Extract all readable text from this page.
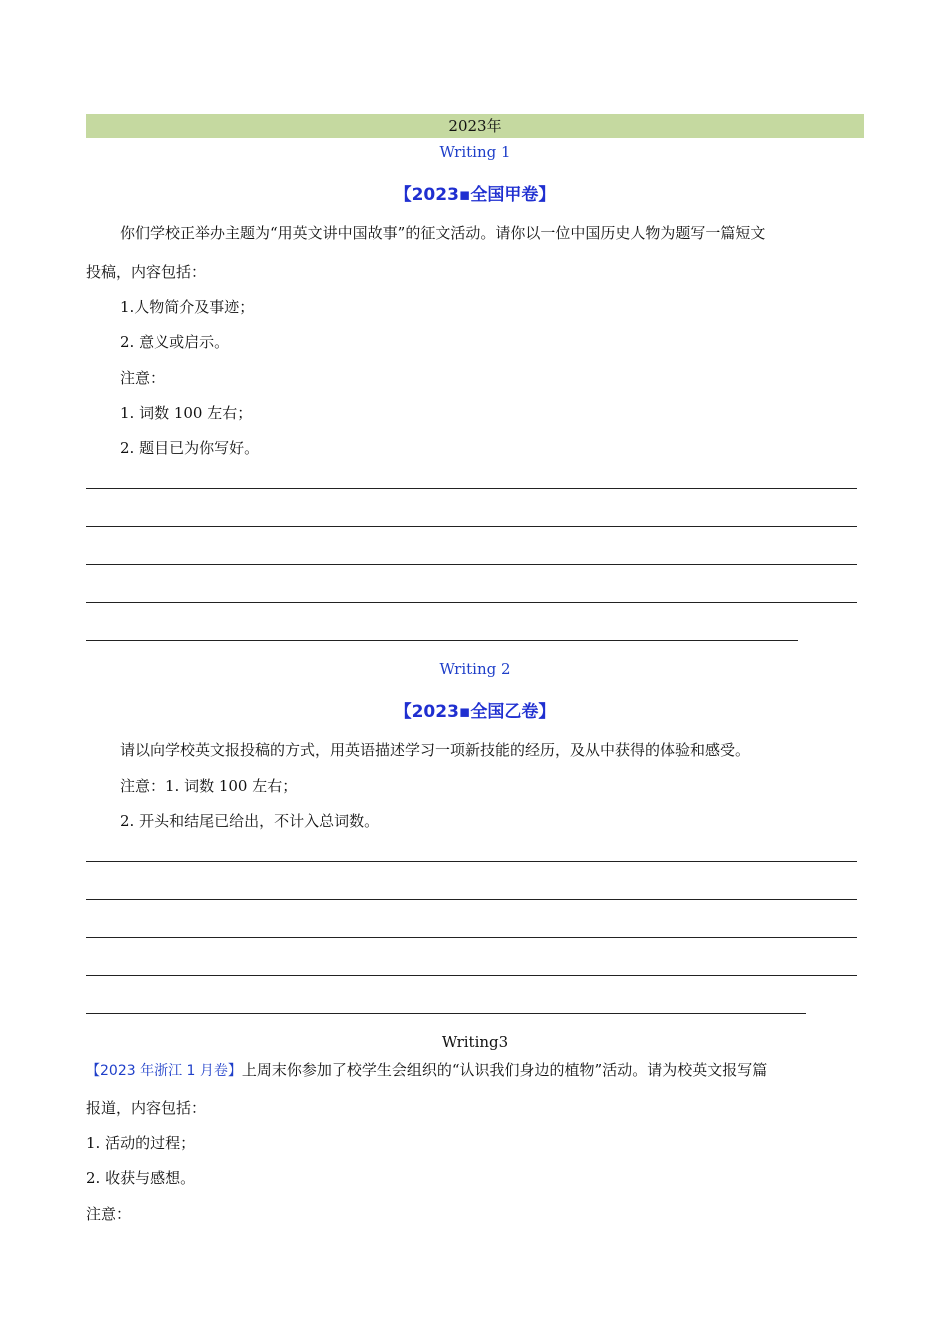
2023年
Writing 1
【2023▪全国甲卷】
你们学校正举办主题为“用英文讲中国故事”的征文活动。请你以一位中国历史人物为题写一篇短文
投稿，内容包括：
1.人物简介及事迹；
2. 意义或启示。
注意：
1. 词数 100 左右；
2. 题目已为你写好。
Writing 2
【2023▪全国乙卷】
请以向学校英文报投稿的方式，用英语描述学习一项新技能的经历，及从中获得的体验和感受。
注意：1. 词数 100 左右；
2. 开头和结尾已给出，不计入总词数。
Writing3
【2023 年浙江 1 月卷】上周末你参加了校学生会组织的“认识我们身边的植物”活动。请为校英文报写篇
报道，内容包括：
1. 活动的过程；
2. 收获与感想。
注意：
